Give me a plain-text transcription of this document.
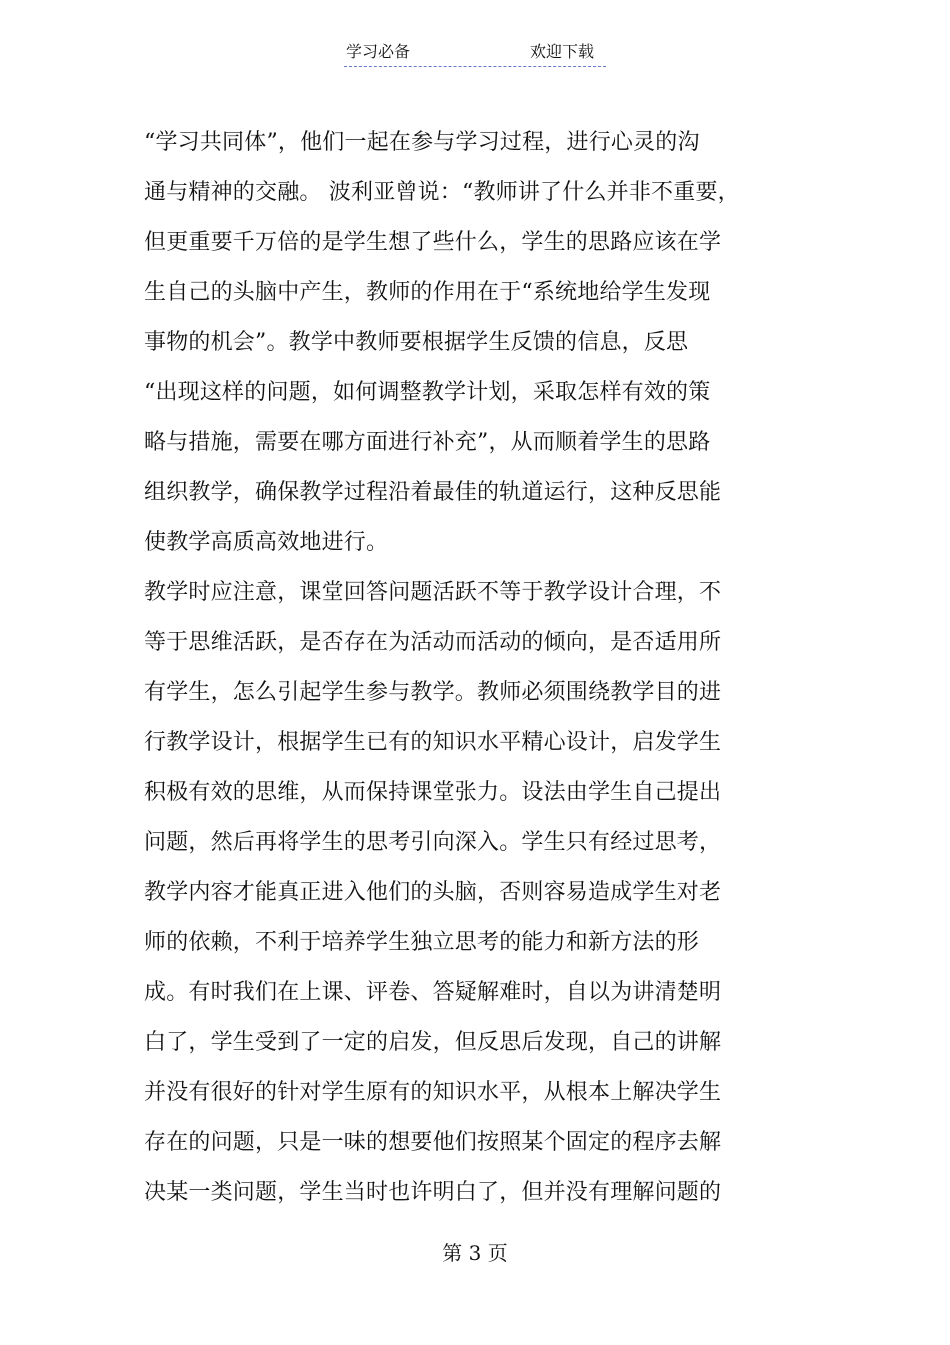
学习必备	欢迎下载
“学习共同体”，他们一起在参与学习过程，进行心灵的沟
通与精神的交融。 波利亚曾说：“教师讲了什么并非不重要，
但更重要千万倍的是学生想了些什么，学生的思路应该在学
生自己的头脑中产生，教师的作用在于“系统地给学生发现
事物的机会”。教学中教师要根据学生反馈的信息，反思
“出现这样的问题，如何调整教学计划，采取怎样有效的策
略与措施，需要在哪方面进行补充”，从而顺着学生的思路
组织教学，确保教学过程沿着最佳的轨道运行，这种反思能
使教学高质高效地进行。
教学时应注意，课堂回答问题活跃不等于教学设计合理，不
等于思维活跃，是否存在为活动而活动的倾向，是否适用所
有学生，怎么引起学生参与教学。教师必须围绕教学目的进
行教学设计，根据学生已有的知识水平精心设计，启发学生
积极有效的思维，从而保持课堂张力。设法由学生自己提出
问题，然后再将学生的思考引向深入。学生只有经过思考，
教学内容才能真正进入他们的头脑，否则容易造成学生对老
师的依赖，不利于培养学生独立思考的能力和新方法的形
成。有时我们在上课、评卷、答疑解难时，自以为讲清楚明
白了，学生受到了一定的启发，但反思后发现，自己的讲解
并没有很好的针对学生原有的知识水平，从根本上解决学生
存在的问题，只是一味的想要他们按照某个固定的程序去解
决某一类问题，学生当时也许明白了，但并没有理解问题的
第 3 页
